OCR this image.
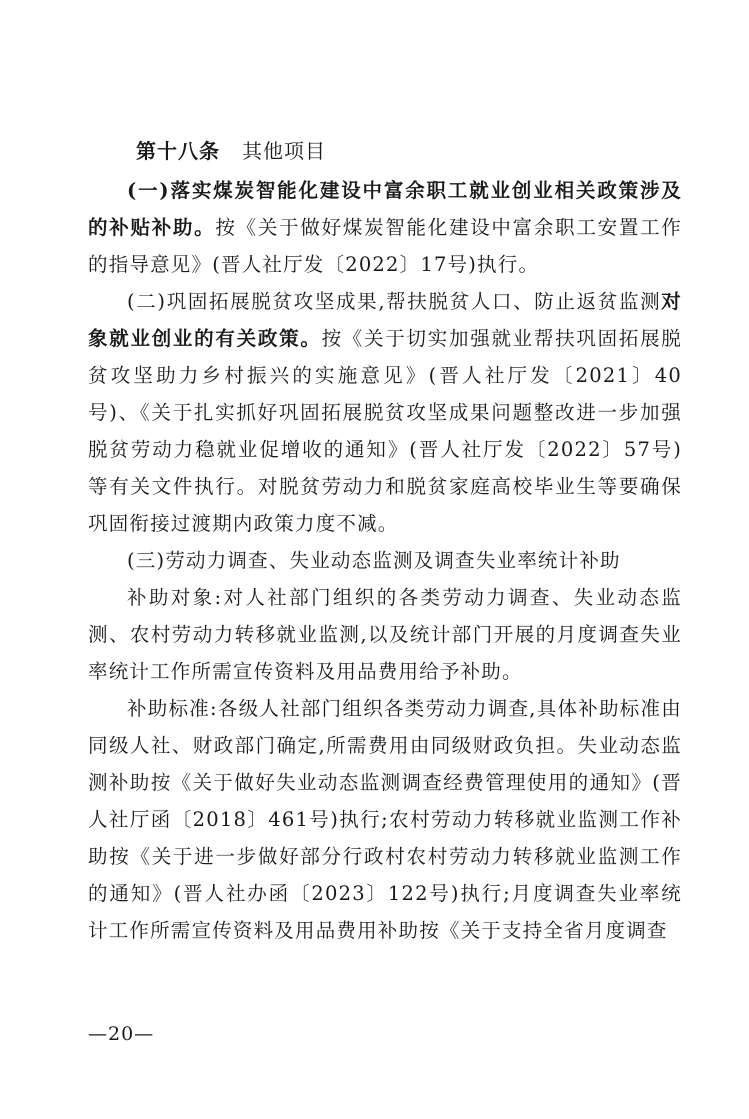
第十八条 其他项目

(一)落实煤炭智能化建设中富余职工就业创业相关政策涉及的补贴补助。按《关于做好煤炭智能化建设中富余职工安置工作的指导意见》(晋人社厅发〔2022〕17号)执行。

(二)巩固拓展脱贫攻坚成果,帮扶脱贫人口、防止返贫监测对象就业创业的有关政策。按《关于切实加强就业帮扶巩固拓展脱贫攻坚助力乡村振兴的实施意见》(晋人社厅发〔2021〕40号)、《关于扎实抓好巩固拓展脱贫攻坚成果问题整改进一步加强脱贫劳动力稳就业促增收的通知》(晋人社厅发〔2022〕57号)等有关文件执行。对脱贫劳动力和脱贫家庭高校毕业生等要确保巩固衔接过渡期内政策力度不减。

(三)劳动力调查、失业动态监测及调查失业率统计补助

补助对象:对人社部门组织的各类劳动力调查、失业动态监测、农村劳动力转移就业监测,以及统计部门开展的月度调查失业率统计工作所需宣传资料及用品费用给予补助。

补助标准:各级人社部门组织各类劳动力调查,具体补助标准由同级人社、财政部门确定,所需费用由同级财政负担。失业动态监测补助按《关于做好失业动态监测调查经费管理使用的通知》(晋人社厅函〔2018〕461号)执行;农村劳动力转移就业监测工作补助按《关于进一步做好部分行政村农村劳动力转移就业监测工作的通知》(晋人社办函〔2023〕122号)执行;月度调查失业率统计工作所需宣传资料及用品费用补助按《关于支持全省月度调查

—20—
